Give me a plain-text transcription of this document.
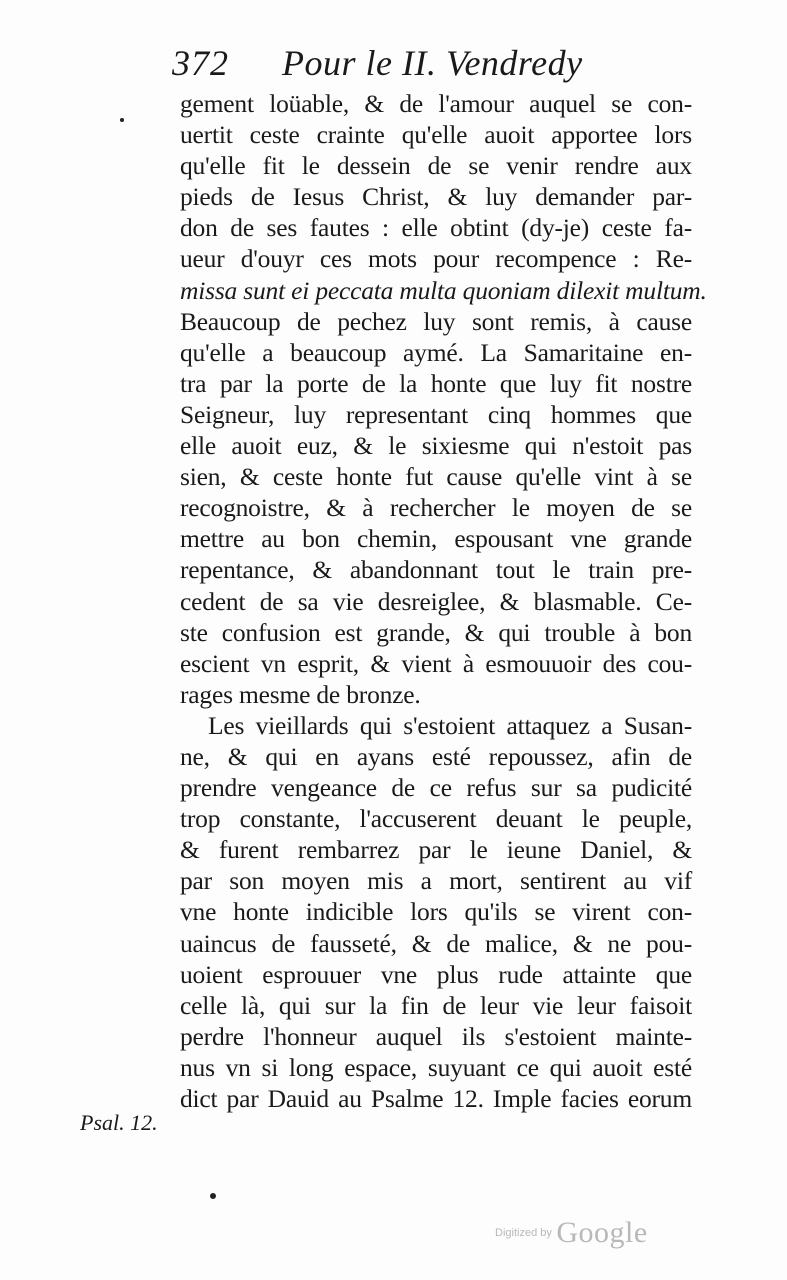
372 Pour le II. Vendredy
gement loüable, & de l'amour auquel se con-
uertit ceste crainte qu'elle auoit apportee lors
qu'elle fit le dessein de se venir rendre aux
pieds de Iesus Christ, & luy demander par-
don de ses fautes : elle obtint (dy-je) ceste fa-
ueur d'ouyr ces mots pour recompence : Re-
missa sunt ei peccata multa quoniam dilexit multum.
Beaucoup de pechez luy sont remis, à cause
qu'elle a beaucoup aymé. La Samaritaine en-
tra par la porte de la honte que luy fit nostre
Seigneur, luy representant cinq hommes que
elle auoit euz, & le sixiesme qui n'estoit pas
sien, & ceste honte fut cause qu'elle vint à se
recognoistre, & à rechercher le moyen de se
mettre au bon chemin, espousant vne grande
repentance, & abandonnant tout le train pre-
cedent de sa vie desreiglee, & blasmable. Ce-
ste confusion est grande, & qui trouble à bon
escient vn esprit, & vient à esmouuoir des cou-
rages mesme de bronze.
Les vieillards qui s'estoient attaquez a Susan-
ne, & qui en ayans esté repoussez, afin de
prendre vengeance de ce refus sur sa pudicité
trop constante, l'accuserent deuant le peuple,
& furent rembarrez par le ieune Daniel, &
par son moyen mis a mort, sentirent au vif
vne honte indicible lors qu'ils se virent con-
uaincus de fausseté, & de malice, & ne pou-
uoient esprouuer vne plus rude attainte que
celle là, qui sur la fin de leur vie leur faisoit
perdre l'honneur auquel ils s'estoient mainte-
nus vn si long espace, suyuant ce qui auoit esté
dict par Dauid au Psalme 12. Imple facies eorum
Psal. 12.
Digitized by Google
